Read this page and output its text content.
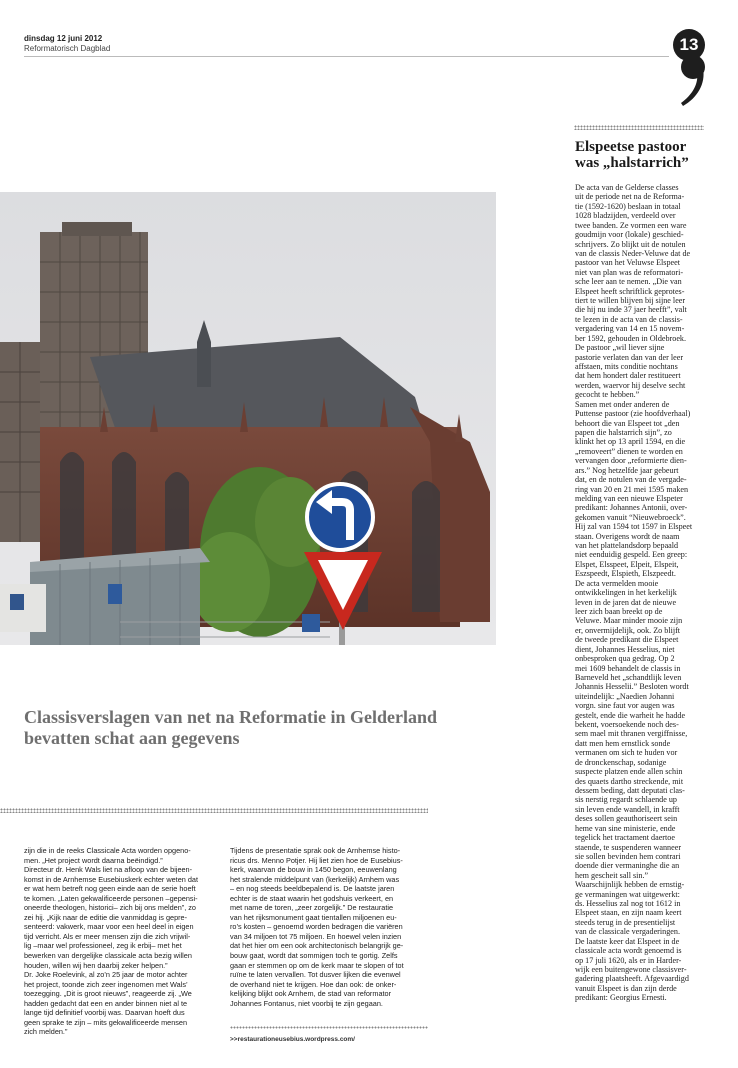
dinsdag 12 juni 2012
Reformatorisch Dagblad	13
Elspeetse pastoor was „halstarrich”
De acta van de Gelderse classes
uit de periode net na de Reforma-
tie (1592-1620) beslaan in totaal
1028 bladzijden, verdeeld over
twee banden. Ze vormen een ware
goudmijn voor (lokale) geschied-
schrijvers. Zo blijkt uit de notulen
van de classis Neder-Veluwe dat de
pastoor van het Veluwse Elspeet
niet van plan was de reformatori-
sche leer aan te nemen. „Die van
Elspeet heeft schriftlick geprotes-
tiert te willen blijven bij sijne leer
die hij nu inde 37 jaer heefft”, valt
te lezen in de acta van de classis-
vergadering van 14 en 15 novem-
ber 1592, gehouden in Oldebroek.
De pastoor „wil liever sijne
pastorie verlaten dan van der leer
affstaen, mits conditie nochtans
dat hem hondert daler restitueert
werden, waervor hij deselve secht
gecocht te hebben.”
Samen met onder anderen de
Puttense pastoor (zie hoofdverhaal)
behoort die van Elspeet tot „den
papen die halstarrich sijn”, zo
klinkt het op 13 april 1594, en die
„removeert” dienen te worden en
vervangen door „reformierte dien-
ars.” Nog hetzelfde jaar gebeurt
dat, en de notulen van de vergade-
ring van 20 en 21 mei 1595 maken
melding van een nieuwe Elspeter
predikant: Johannes Antonii, over-
gekomen vanuit “Nieuwebroeck”.
Hij zal van 1594 tot 1597 in Elspeet
staan. Overigens wordt de naam
van het plattelandsdorp bepaald
niet eenduidig gespeld. Een greep:
Elspet, Elsspeet, Elpeit, Elspeit,
Eszspeedt, Elspieth, Elszpeedt.
De acta vermelden mooie
ontwikkelingen in het kerkelijk
leven in de jaren dat de nieuwe
leer zich baan breekt op de
Veluwe. Maar minder mooie zijn
er, onvermijdelijk, ook. Zo blijft
de tweede predikant die Elspeet
dient, Johannes Hesselius, niet
onbesproken qua gedrag. Op 2
mei 1609 behandelt de classis in
Barneveld het „schandtlijk leven
Johannis Hesselii.” Besloten wordt
uiteindelijk: „Naedien Johanni
vorgn. sine faut vor augen was
gestelt, ende die warheit he hadde
bekent, voersoekende noch des-
sem mael mit thranen vergiffnisse,
datt men hem ernstlick sonde
vermanen om sich te huden vor
de dronckenschap, sodanige
suspecte platzen ende allen schin
des quaets dartho streckende, mit
dessem beding, datt deputati clas-
sis nerstig regardt schlaende up
sin leven ende wandell, in krafft
deses sollen geauthoriseert sein
heme van sine ministerie, ende
tegelick het tractament daertoe
staende, te suspenderen wanneer
sie sollen bevinden hem contrari
doende dier vermaninghe die an
hem gescheit sall sin.”
Waarschijnlijk hebben de ernstig-
ge vermaningen wat uitgewerkt:
ds. Hesselius zal nog tot 1612 in
Elspeet staan, en zijn naam keert
steeds terug in de presentielijst
van de classicale vergaderingen.
De laatste keer dat Elspeet in de
classicale acta wordt genoemd is
op 17 juli 1620, als er in Harder-
wijk een buitengewone classisver-
gadering plaatsheeft. Afgevaardigd
vanuit Elspeet is dan zijn derde
predikant: Georgius Ernesti.
Classisverslagen van net na Reformatie in Gelderland bevatten schat aan gegevens
zijn die in de reeks Classicale Acta worden opgeno-
men. „Het project wordt daarna beëindigd.”
Directeur dr. Henk Wals liet na afloop van de bijeen-
komst in de Arnhemse Eusebiuskerk echter weten dat
er wat hem betreft nog geen einde aan de serie hoeft
te komen. „Laten gekwalificeerde personen –gepensi-
oneerde theologen, historici– zich bij ons melden”, zo
zei hij. „Kijk naar de editie die vanmiddag is gepre-
senteerd: vakwerk, maar voor een heel deel in eigen
tijd verricht. Als er meer mensen zijn die zich vrijwil-
lig –maar wel professioneel, zeg ik erbij– met het
bewerken van dergelijke classicale acta bezig willen
houden, willen wij hen daarbij zeker helpen.”
Dr. Joke Roelevink, al zo’n 25 jaar de motor achter
het project, toonde zich zeer ingenomen met Wals’
toezegging. „Dit is groot nieuws”, reageerde zij. „We
hadden gedacht dat een en ander binnen niet al te
lange tijd definitief voorbij was. Daarvan hoeft dus
geen sprake te zijn – mits gekwalificeerde mensen
zich melden.”
Tijdens de presentatie sprak ook de Arnhemse histo-
ricus drs. Menno Potjer. Hij liet zien hoe de Eusebius-
kerk, waarvan de bouw in 1450 begon, eeuwenlang
het stralende middelpunt van (kerkelijk) Arnhem was
– en nog steeds beeldbepalend is. De laatste jaren
echter is de staat waarin het godshuis verkeert, en
met name de toren, „zeer zorgelijk.” De restauratie
van het rijksmonument gaat tientallen miljoenen eu-
ro’s kosten – genoemd worden bedragen die variëren
van 34 miljoen tot 75 miljoen. En hoewel velen inzien
dat het hier om een ook architectonisch belangrijk ge-
bouw gaat, wordt dat sommigen toch te gortig. Zelfs
gaan er stemmen op om de kerk maar te slopen of tot
ruïne te laten vervallen. Tot dusver lijken die evenwel
de overhand niet te krijgen. Hoe dan ook: de onker-
kelijking blijkt ook Arnhem, de stad van reformator
Johannes Fontanus, niet voorbij te zijn gegaan.
>>restaurationeusebius.wordpress.com/
